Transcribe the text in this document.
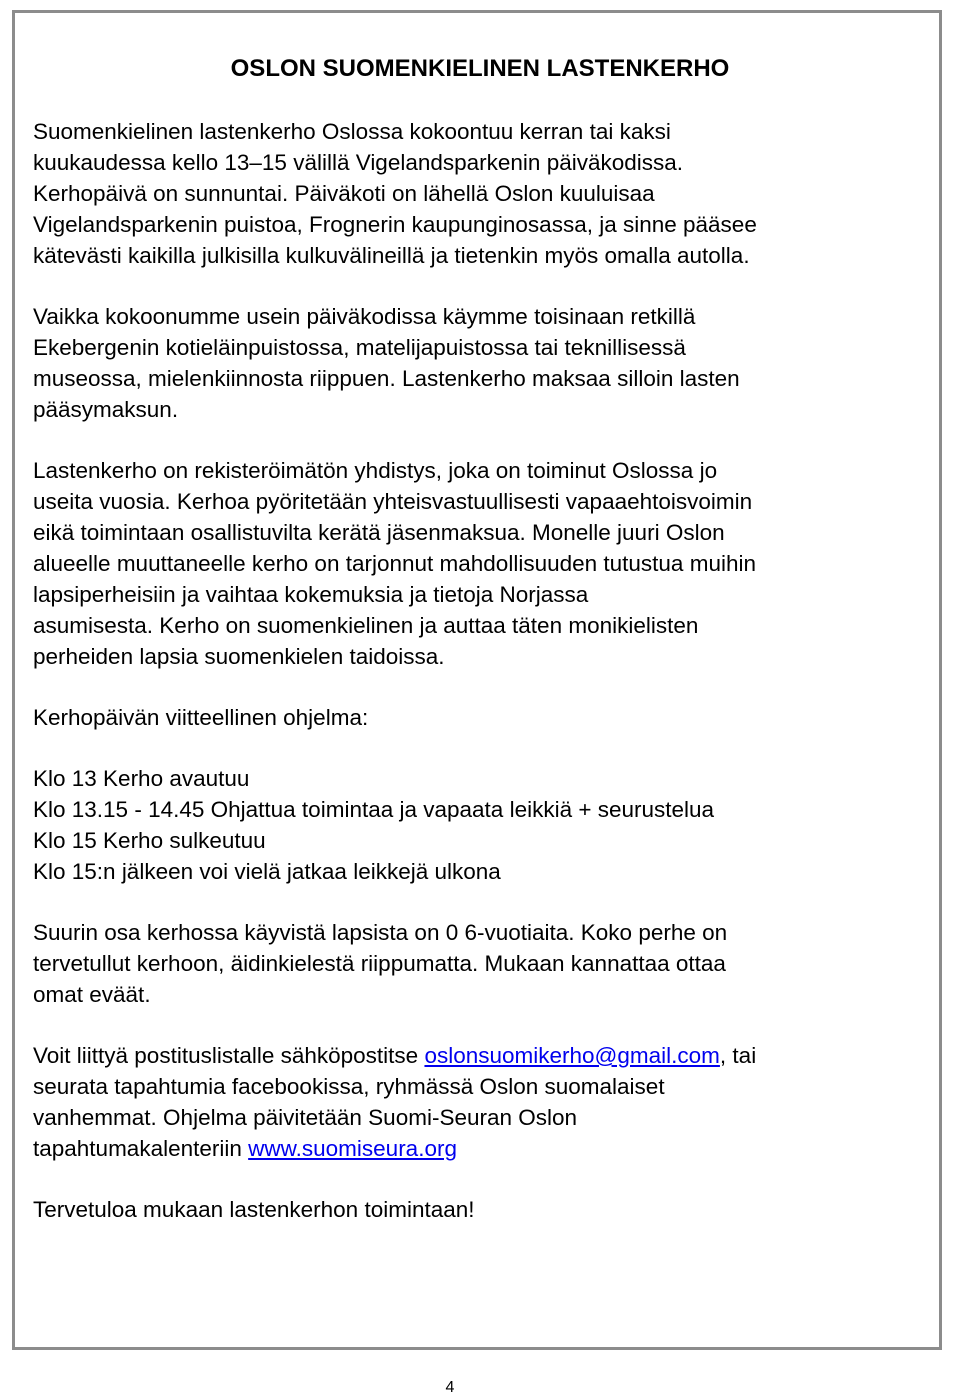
OSLON SUOMENKIELINEN LASTENKERHO

Suomenkielinen lastenkerho Oslossa kokoontuu kerran tai kaksi
kuukaudessa kello 13–15 välillä Vigelandsparkenin päiväkodissa.
Kerhopäivä on sunnuntai. Päiväkoti on lähellä Oslon kuuluisaa
Vigelandsparkenin puistoa, Frognerin kaupunginosassa, ja sinne pääsee
kätevästi kaikilla julkisilla kulkuvälineillä ja tietenkin myös omalla autolla.

Vaikka kokoonumme usein päiväkodissa käymme toisinaan retkillä
Ekebergenin kotieläinpuistossa, matelijapuistossa tai teknillisessä
museossa, mielenkiinnosta riippuen. Lastenkerho maksaa silloin lasten
pääsymaksun.

Lastenkerho on rekisteröimätön yhdistys, joka on toiminut Oslossa jo
useita vuosia. Kerhoa pyöritetään yhteisvastuullisesti vapaaehtoisvoimin
eikä toimintaan osallistuvilta kerätä jäsenmaksua. Monelle juuri Oslon
alueelle muuttaneelle kerho on tarjonnut mahdollisuuden tutustua muihin
lapsiperheisiin ja vaihtaa kokemuksia ja tietoja Norjassa
asumisesta. Kerho on suomenkielinen ja auttaa täten monikielisten
perheiden lapsia suomenkielen taidoissa.

Kerhopäivän viitteellinen ohjelma:

Klo 13 Kerho avautuu
Klo 13.15 - 14.45 Ohjattua toimintaa ja vapaata leikkiä + seurustelua
Klo 15 Kerho sulkeutuu
Klo 15:n jälkeen voi vielä jatkaa leikkejä ulkona

Suurin osa kerhossa käyvistä lapsista on 0 6-vuotiaita. Koko perhe on
tervetullut kerhoon, äidinkielestä riippumatta. Mukaan kannattaa ottaa
omat eväät.

Voit liittyä postituslistalle sähköpostitse oslonsuomikerho@gmail.com, tai
seurata tapahtumia facebookissa, ryhmässä Oslon suomalaiset
vanhemmat. Ohjelma päivitetään Suomi-Seuran Oslon
tapahtumakalenteriin www.suomiseura.org

Tervetuloa mukaan lastenkerhon toimintaan!

4
